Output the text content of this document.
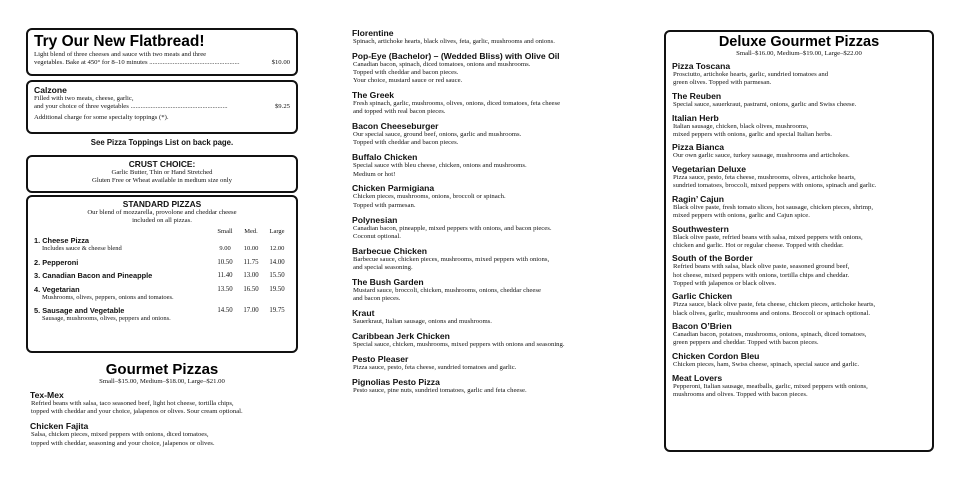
Try Our New Flatbread!
Light blend of three cheeses and sauce with two meats and three
vegetables. Bake at 450° for 8–10 minutes ......................................................	$10.00
Calzone
Filled with two meats, cheese, garlic,
and your choice of three vegetables ..........................................................	$9.25
Additional charge for some specialty toppings (*).
See Pizza Toppings List on back page.
CRUST CHOICE:
Garlic Butter, Thin or Hand Stretched
Gluten Free or Wheat available in medium size only
STANDARD PIZZAS
Our blend of mozzarella, provolone and cheddar cheese
included on all pizzas.
Small	Med.	Large
1. Cheese Pizza
Includes sauce & cheese blend	9.00	10.00	12.00
2. Pepperoni	10.50	11.75	14.00
3. Canadian Bacon and Pineapple	11.40	13.00	15.50
4. Vegetarian	13.50	16.50	19.50
Mushrooms, olives, peppers, onions and tomatoes.
5. Sausage and Vegetable	14.50	17.00	19.75
Sausage, mushrooms, olives, peppers and onions.
Gourmet Pizzas
Small–$15.00, Medium–$18.00, Large–$21.00
Tex-Mex
Refried beans with salsa, taco seasoned beef, light hot cheese, tortilla chips,
topped with cheddar and your choice, jalapenos or olives. Sour cream optional.
Chicken Fajita
Salsa, chicken pieces, mixed peppers with onions, diced tomatoes,
topped with cheddar, seasoning and your choice, jalapenos or olives.
Florentine
Spinach, artichoke hearts, black olives, feta, garlic, mushrooms and onions.
Pop-Eye (Bachelor) – (Wedded Bliss) with Olive Oil
Canadian bacon, spinach, diced tomatoes, onions and mushrooms.
Topped with cheddar and bacon pieces.
Your choice, mustard sauce or red sauce.
The Greek
Fresh spinach, garlic, mushrooms, olives, onions, diced tomatoes, feta cheese
and topped with real bacon pieces.
Bacon Cheeseburger
Our special sauce, ground beef, onions, garlic and mushrooms.
Topped with cheddar and bacon pieces.
Buffalo Chicken
Special sauce with bleu cheese, chicken, onions and mushrooms.
Medium or hot!
Chicken Parmigiana
Chicken pieces, mushrooms, onions, broccoli or spinach.
Topped with parmesan.
Polynesian
Canadian bacon, pineapple, mixed peppers with onions, and bacon pieces.
Coconut optional.
Barbecue Chicken
Barbecue sauce, chicken pieces, mushrooms, mixed peppers with onions,
and special seasoning.
The Bush Garden
Mustard sauce, broccoli, chicken, mushrooms, onions, cheddar cheese
and bacon pieces.
Kraut
Sauerkraut, Italian sausage, onions and mushrooms.
Caribbean Jerk Chicken
Special sauce, chicken, mushrooms, mixed peppers with onions and seasoning.
Pesto Pleaser
Pizza sauce, pesto, feta cheese, sundried tomatoes and garlic.
Pignolias Pesto Pizza
Pesto sauce, pine nuts, sundried tomatoes, garlic and feta cheese.
Deluxe Gourmet Pizzas
Small–$16.00, Medium–$19.00, Large–$22.00
Pizza Toscana
Prosciutto, artichoke hearts, garlic, sundried tomatoes and
green olives. Topped with parmesan.
The Reuben
Special sauce, sauerkraut, pastrami, onions, garlic and Swiss cheese.
Italian Herb
Italian sausage, chicken, black olives, mushrooms,
mixed peppers with onions, garlic and special Italian herbs.
Pizza Bianca
Our own garlic sauce, turkey sausage, mushrooms and artichokes.
Vegetarian Deluxe
Pizza sauce, pesto, feta cheese, mushrooms, olives, artichoke hearts,
sundried tomatoes, broccoli, mixed peppers with onions, spinach and garlic.
Ragin’ Cajun
Black olive paste, fresh tomato slices, hot sausage, chicken pieces, shrimp,
mixed peppers with onions, garlic and Cajun spice.
Southwestern
Black olive paste, refried beans with salsa, mixed peppers with onions,
chicken and garlic. Hot or regular cheese. Topped with cheddar.
South of the Border
Refried beans with salsa, black olive paste, seasoned ground beef,
hot cheese, mixed peppers with onions, tortilla chips and cheddar.
Topped with jalapenos or black olives.
Garlic Chicken
Pizza sauce, black olive paste, feta cheese, chicken pieces, artichoke hearts,
black olives, garlic, mushrooms and onions. Broccoli or spinach optional.
Bacon O’Brien
Canadian bacon, potatoes, mushrooms, onions, spinach, diced tomatoes,
green peppers and cheddar. Topped with bacon pieces.
Chicken Cordon Bleu
Chicken pieces, ham, Swiss cheese, spinach, special sauce and garlic.
Meat Lovers
Pepperoni, Italian sausage, meatballs, garlic, mixed peppers with onions,
mushrooms and olives. Topped with bacon pieces.
